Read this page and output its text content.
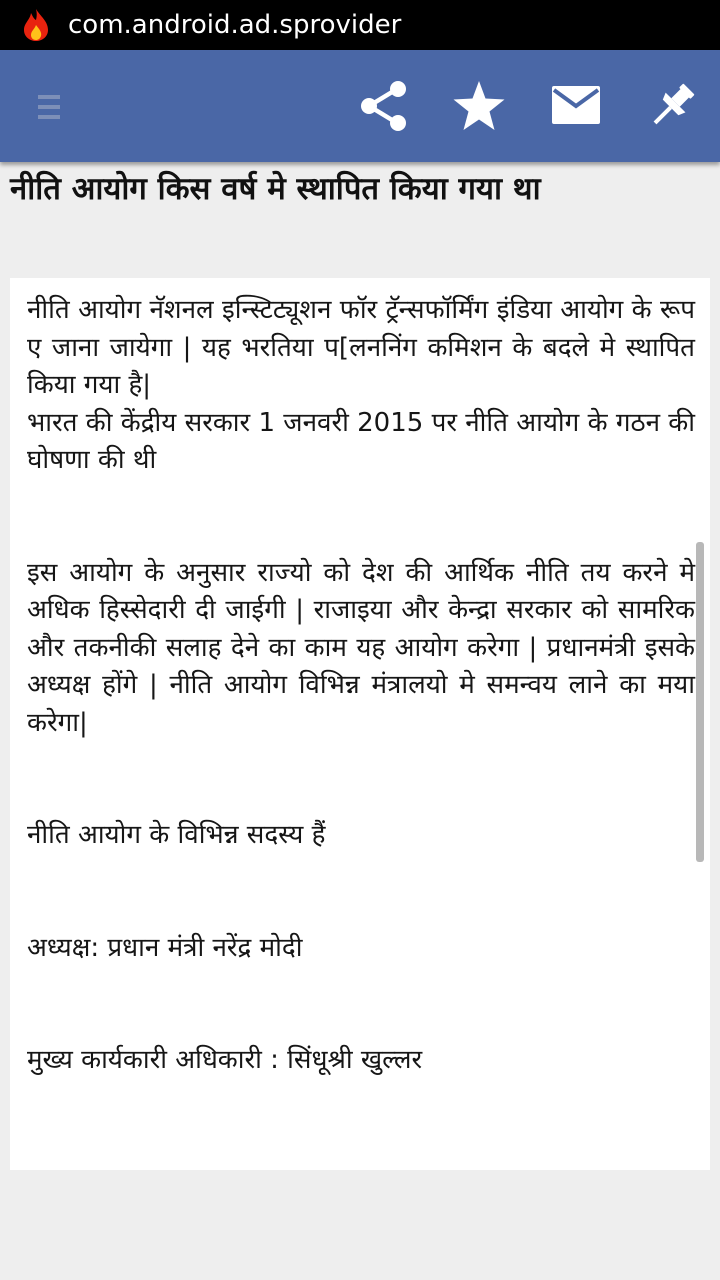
com.android.ad.sprovider
नीति आयोग किस वर्ष मे स्थापित किया गया था

नीति आयोग नॅशनल इन्स्टिट्यूशन फॉर ट्रॅन्सफॉर्मिंग इंडिया आयोग के रूप ए जाना जायेगा | यह भरतिया प[लननिंग कमिशन के बदले मे स्थापित किया गया है|

भारत की केंद्रीय सरकार 1 जनवरी 2015 पर नीति आयोग के गठन की घोषणा की थी

इस आयोग के अनुसार राज्यो को देश की आर्थिक नीति तय करने मे अधिक हिस्सेदारी दी जाईगी | राजाइया और केन्द्रा सरकार को सामरिक और तकनीकी सलाह देने का काम यह आयोग करेगा | प्रधानमंत्री इसके अध्यक्ष होंगे | नीति आयोग विभिन्न मंत्रालयो मे समन्वय लाने का मया करेगा|

नीति आयोग के विभिन्न सदस्य हैं

अध्यक्ष: प्रधान मंत्री नरेंद्र मोदी

मुख्य कार्यकारी अधिकारी : सिंधूश्री खुल्लर
